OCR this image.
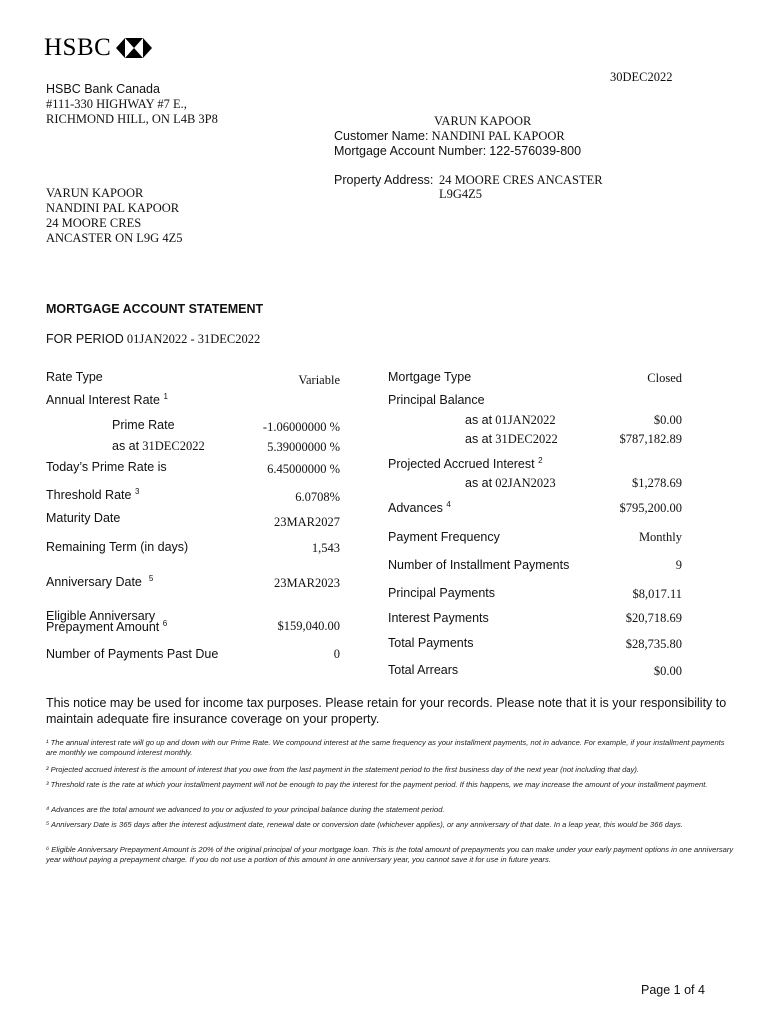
HSBC
30DEC2022
HSBC Bank Canada
#111-330 HIGHWAY #7 E.,
RICHMOND HILL, ON L4B 3P8	VARUN KAPOOR
Customer Name: NANDINI PAL KAPOOR
Mortgage Account Number: 122-576039-800
Property Address: 24 MOORE CRES ANCASTER
L9G4Z5
VARUN KAPOOR
NANDINI PAL KAPOOR
24 MOORE CRES
ANCASTER ON L9G 4Z5
MORTGAGE ACCOUNT STATEMENT
FOR PERIOD 01JAN2022 - 31DEC2022
Rate Type	Variable
Annual Interest Rate $^1$
Prime Rate	-1.06000000 %
as at 31DEC2022	5.39000000 %
Today’s Prime Rate is	6.45000000 %
Threshold Rate $^3$	6.0708%
Maturity Date	23MAR2027
Remaining Term (in days)	1,543
Anniversary Date $^5$	23MAR2023
Eligible Anniversary
Prepayment Amount $^6$	$159,040.00
Number of Payments Past Due	0
Mortgage Type	Closed
Principal Balance
as at 01JAN2022	$0.00
as at 31DEC2022	$787,182.89
Projected Accrued Interest $^2$
as at 02JAN2023	$1,278.69
Advances $^4$	$795,200.00
Payment Frequency	Monthly
Number of Installment Payments	9
Principal Payments	$8,017.11
Interest Payments	$20,718.69
Total Payments	$28,735.80
Total Arrears	$0.00
This notice may be used for income tax purposes. Please retain for your records. Please note that it is your responsibility to maintain adequate fire insurance coverage on your property.
¹ The annual interest rate will go up and down with our Prime Rate. We compound interest at the same frequency as your installment payments, not in advance. For example, if your installment payments are monthly we compound interest monthly.
² Projected accrued interest is the amount of interest that you owe from the last payment in the statement period to the first business day of the next year (not including that day).
³ Threshold rate is the rate at which your installment payment will not be enough to pay the interest for the payment period. If this happens, we may increase the amount of your installment payment.
⁴ Advances are the total amount we advanced to you or adjusted to your principal balance during the statement period.
⁵ Anniversary Date is 365 days after the interest adjustment date, renewal date or conversion date (whichever applies), or any anniversary of that date. In a leap year, this would be 366 days.
⁶ Eligible Anniversary Prepayment Amount is 20% of the original principal of your mortgage loan. This is the total amount of prepayments you can make under your early payment options in one anniversary year without paying a prepayment charge. If you do not use a portion of this amount in one anniversary year, you cannot save it for use in future years.
Page 1 of 4
